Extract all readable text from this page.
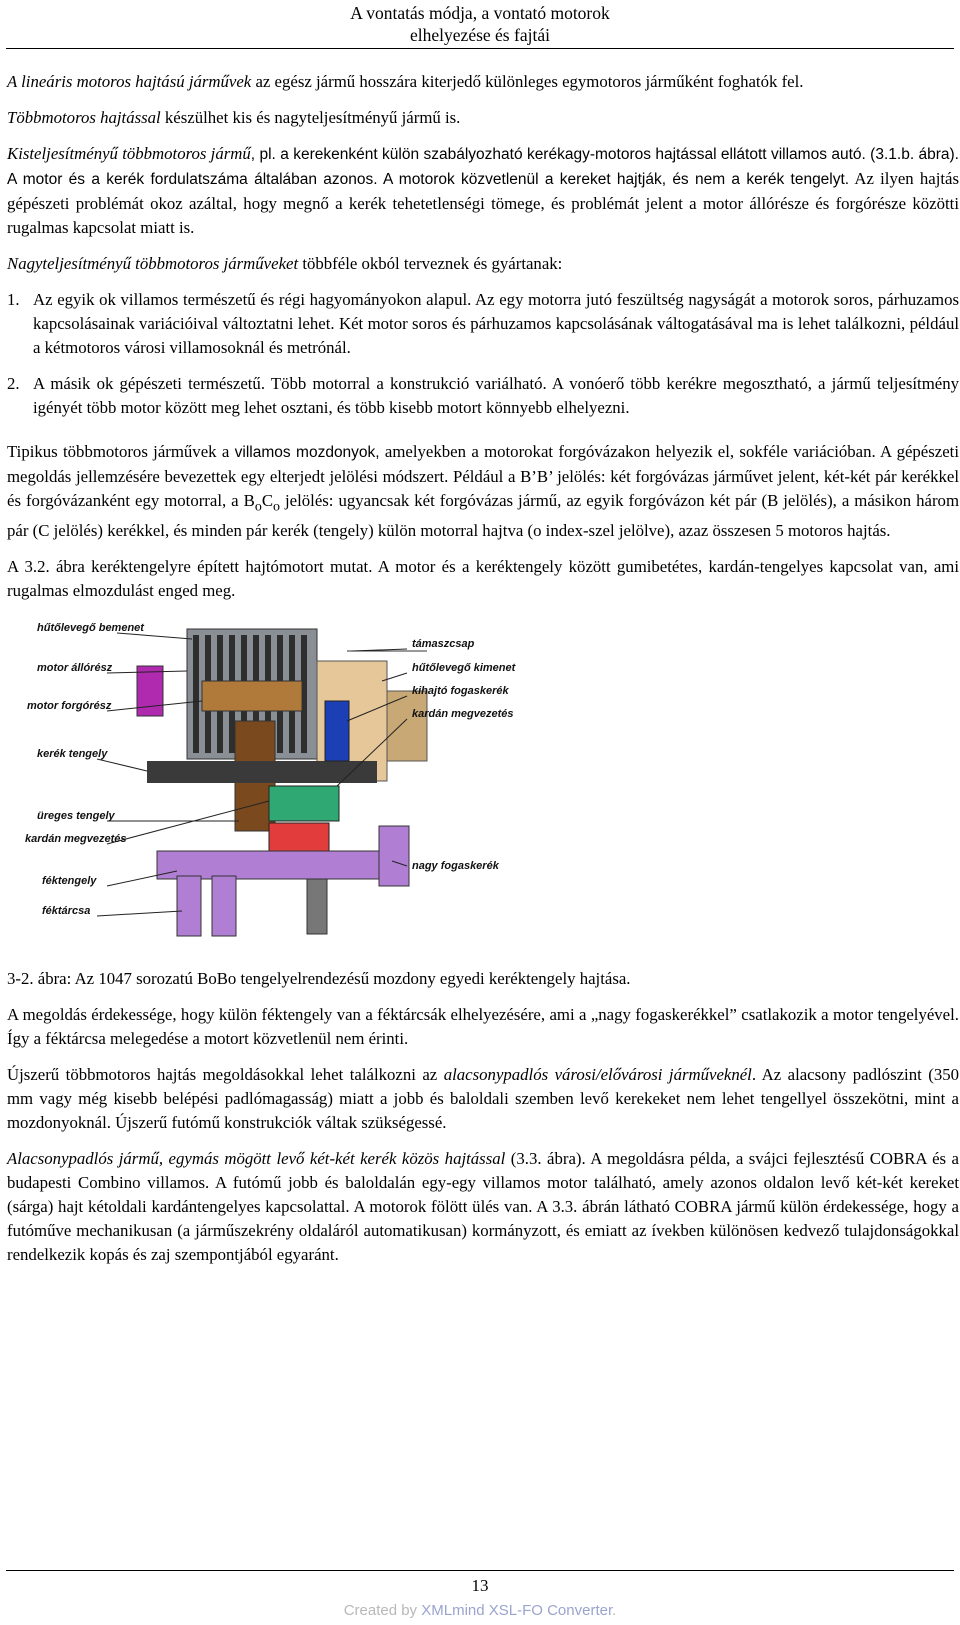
A vontatás módja, a vontató motorok
elhelyezése és fajtái

A lineáris motoros hajtású járművek az egész jármű hosszára kiterjedő különleges egymotoros járműként foghatók fel.

Többmotoros hajtással készülhet kis és nagyteljesítményű jármű is.

Kisteljesítményű többmotoros jármű, pl. a kerekenként külön szabályozható kerékagy-motoros hajtással ellátott villamos autó. (3.1.b. ábra). A motor és a kerék fordulatszáma általában azonos. A motorok közvetlenül a kereket hajtják, és nem a kerék tengelyt. Az ilyen hajtás gépészeti problémát okoz azáltal, hogy megnő a kerék tehetetlenségi tömege, és problémát jelent a motor állórésze és forgórésze közötti rugalmas kapcsolat miatt is.

Nagyteljesítményű többmotoros járműveket többféle okból terveznek és gyártanak:

1. Az egyik ok villamos természetű és régi hagyományokon alapul. Az egy motorra jutó feszültség nagyságát a motorok soros, párhuzamos kapcsolásainak variációival változtatni lehet. Két motor soros és párhuzamos kapcsolásának váltogatásával ma is lehet találkozni, például a kétmotoros városi villamosoknál és metrónál.
2. A másik ok gépészeti természetű. Több motorral a konstrukció variálható. A vonóerő több kerékre megosztható, a jármű teljesítmény igényét több motor között meg lehet osztani, és több kisebb motort könnyebb elhelyezni.

Tipikus többmotoros járművek a villamos mozdonyok, amelyekben a motorokat forgóvázakon helyezik el, sokféle variációban. A gépészeti megoldás jellemzésére bevezettek egy elterjedt jelölési módszert. Például a B’B’ jelölés: két forgóvázas járművet jelent, két-két pár kerékkel és forgóvázanként egy motorral, a $B_oC_o$ jelölés: ugyancsak két forgóvázas jármű, az egyik forgóvázon két pár (B jelölés), a másikon három pár (C jelölés) kerékkel, és minden pár kerék (tengely) külön motorral hajtva (o index-szel jelölve), azaz összesen 5 motoros hajtás.

A 3.2. ábra keréktengelyre épített hajtómotort mutat. A motor és a keréktengely között gumibetétes, kardán-tengelyes kapcsolat van, ami rugalmas elmozdulást enged meg.

hűtőlevegő bemenet
motor állórész
motor forgórész
kerék tengely
üreges tengely
kardán megvezetés
féktengely
féktárcsa
támaszcsap
hűtőlevegő kimenet
kihajtó fogaskerék
kardán megvezetés
nagy fogaskerék

3-2. ábra: Az 1047 sorozatú BoBo tengelyelrendezésű mozdony egyedi keréktengely hajtása.

A megoldás érdekessége, hogy külön féktengely van a féktárcsák elhelyezésére, ami a „nagy fogaskerékkel” csatlakozik a motor tengelyével. Így a féktárcsa melegedése a motort közvetlenül nem érinti.

Újszerű többmotoros hajtás megoldásokkal lehet találkozni az alacsonypadlós városi/elővárosi járműveknél. Az alacsony padlószint (350 mm vagy még kisebb belépési padlómagasság) miatt a jobb és baloldali szemben levő kerekeket nem lehet tengellyel összekötni, mint a mozdonyoknál. Újszerű futómű konstrukciók váltak szükségessé.

Alacsonypadlós jármű, egymás mögött levő két-két kerék közös hajtással (3.3. ábra). A megoldásra példa, a svájci fejlesztésű COBRA és a budapesti Combino villamos. A futómű jobb és baloldalán egy-egy villamos motor található, amely azonos oldalon levő két-két kereket (sárga) hajt kétoldali kardántengelyes kapcsolattal. A motorok fölött ülés van. A 3.3. ábrán látható COBRA jármű külön érdekessége, hogy a futóműve mechanikusan (a járműszekrény oldaláról automatikusan) kormányzott, és emiatt az ívekben különösen kedvező tulajdonságokkal rendelkezik kopás és zaj szempontjából egyaránt.

13
Created by XMLmind XSL-FO Converter.
